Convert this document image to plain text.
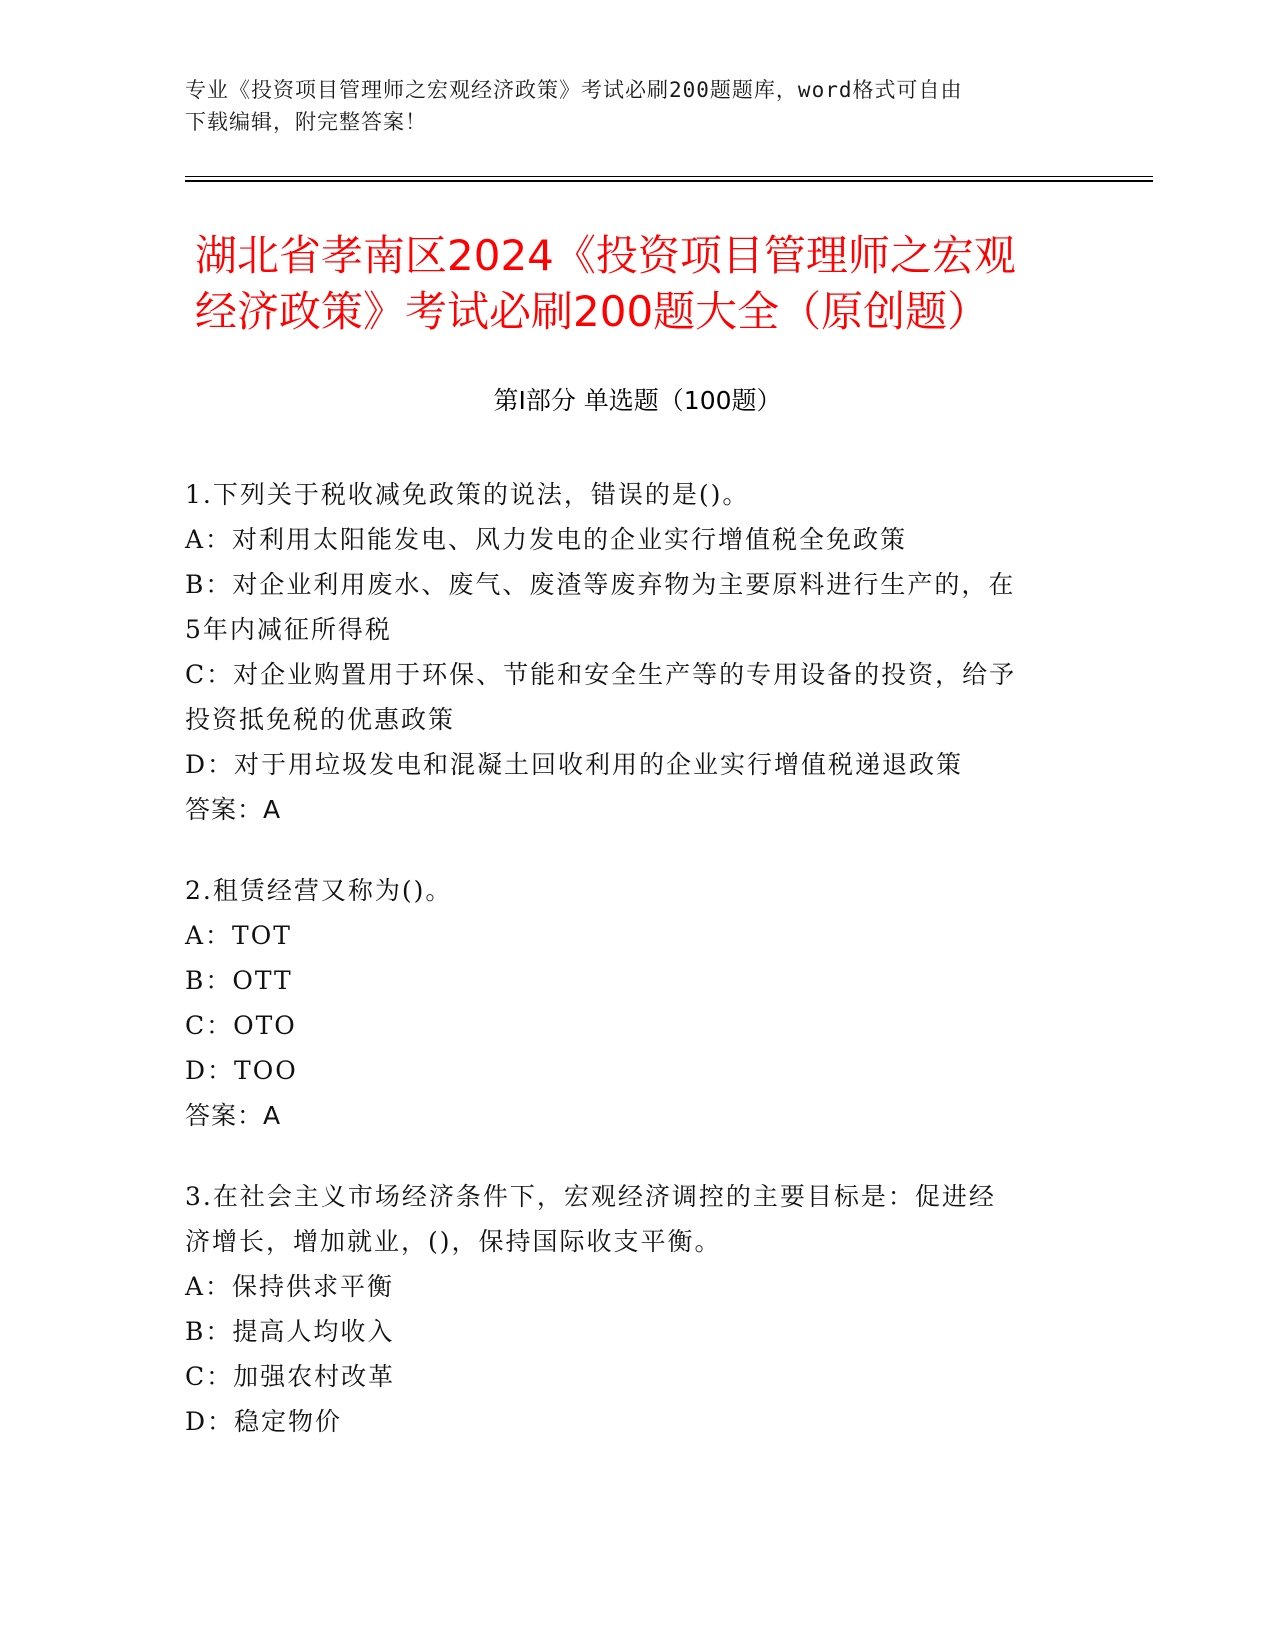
专业《投资项目管理师之宏观经济政策》考试必刷200题题库，word格式可自由
下载编辑，附完整答案！
湖北省孝南区2024《投资项目管理师之宏观
经济政策》考试必刷200题大全（原创题）
第I部分 单选题（100题）
1.下列关于税收减免政策的说法，错误的是()。
A：对利用太阳能发电、风力发电的企业实行增值税全免政策
B：对企业利用废水、废气、废渣等废弃物为主要原料进行生产的，在
5年内减征所得税
C：对企业购置用于环保、节能和安全生产等的专用设备的投资，给予
投资抵免税的优惠政策
D：对于用垃圾发电和混凝土回收利用的企业实行增值税递退政策
答案：A
2.租赁经营又称为()。
A：TOT
B：OTT
C：OTO
D：TOO
答案：A
3.在社会主义市场经济条件下，宏观经济调控的主要目标是：促进经
济增长，增加就业，()，保持国际收支平衡。
A：保持供求平衡
B：提高人均收入
C：加强农村改革
D：稳定物价
